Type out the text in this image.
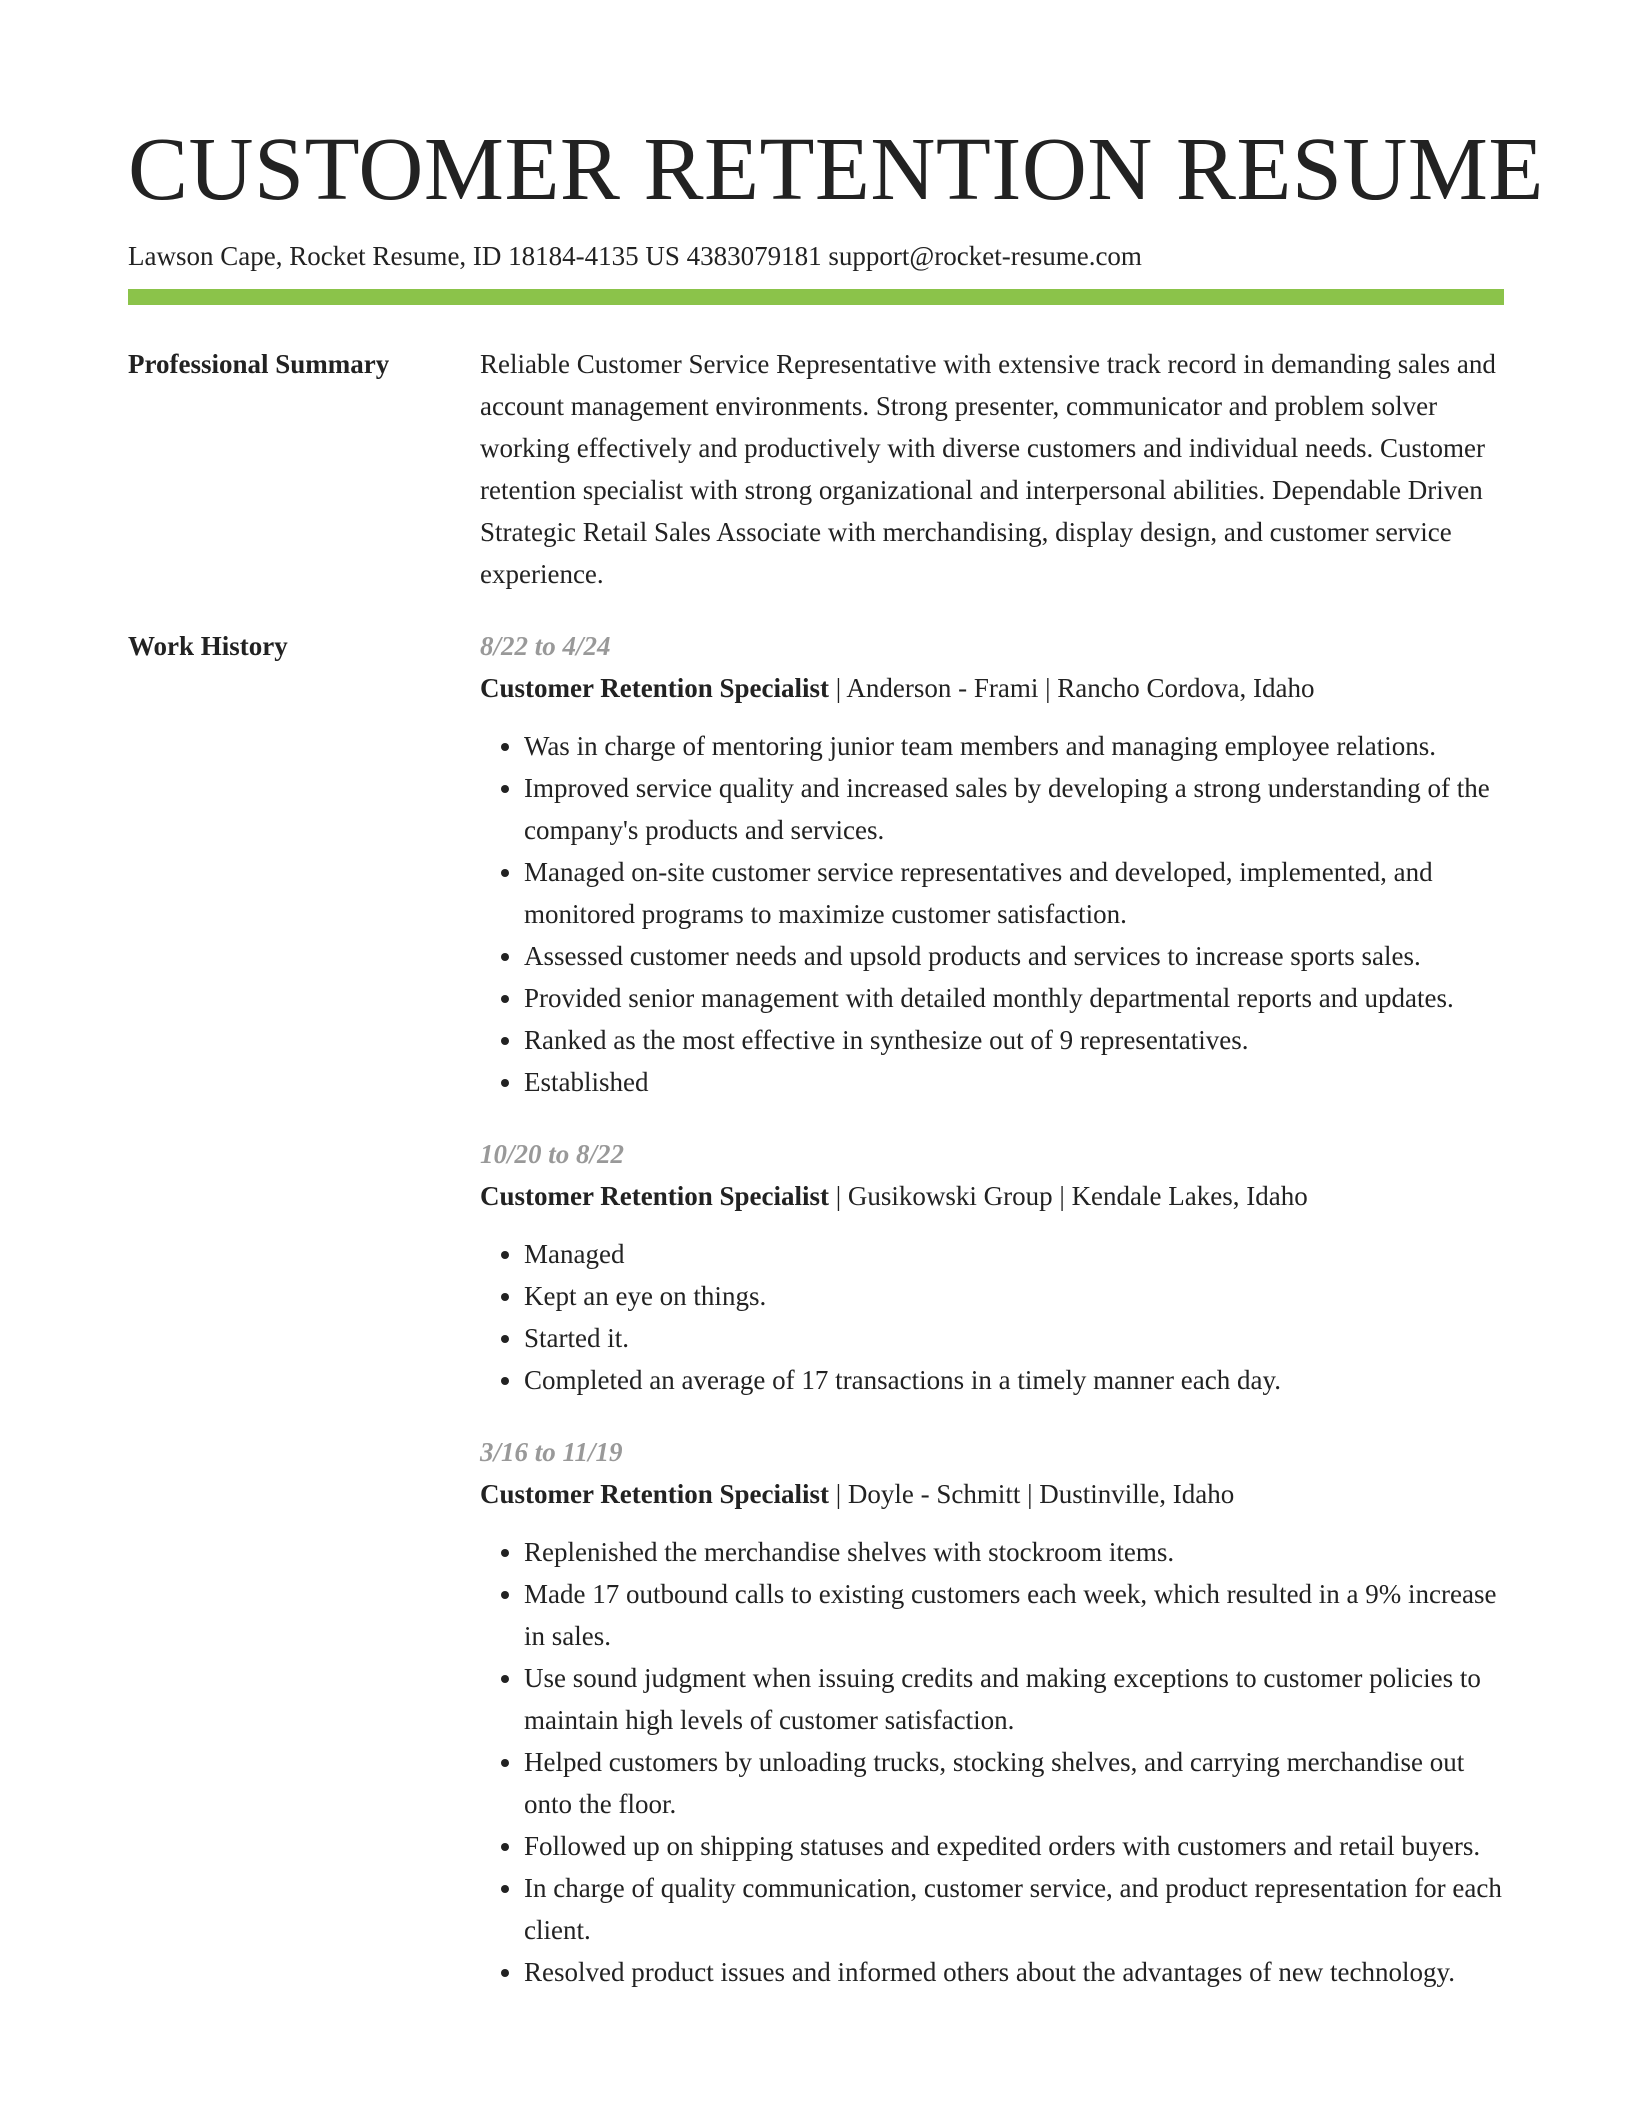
CUSTOMER RETENTION RESUME
Lawson Cape, Rocket Resume, ID 18184-4135 US 4383079181 support@rocket-resume.com
Professional Summary	Reliable Customer Service Representative with extensive track record in demanding sales and account management environments. Strong presenter, communicator and problem solver working effectively and productively with diverse customers and individual needs. Customer retention specialist with strong organizational and interpersonal abilities. Dependable Driven Strategic Retail Sales Associate with merchandising, display design, and customer service experience.

Work History	8/22 to 4/24
Customer Retention Specialist | Anderson - Frami | Rancho Cordova, Idaho
• Was in charge of mentoring junior team members and managing employee relations.
• Improved service quality and increased sales by developing a strong understanding of the company's products and services.
• Managed on-site customer service representatives and developed, implemented, and monitored programs to maximize customer satisfaction.
• Assessed customer needs and upsold products and services to increase sports sales.
• Provided senior management with detailed monthly departmental reports and updates.
• Ranked as the most effective in synthesize out of 9 representatives.
• Established
10/20 to 8/22
Customer Retention Specialist | Gusikowski Group | Kendale Lakes, Idaho
• Managed
• Kept an eye on things.
• Started it.
• Completed an average of 17 transactions in a timely manner each day.
3/16 to 11/19
Customer Retention Specialist | Doyle - Schmitt | Dustinville, Idaho
• Replenished the merchandise shelves with stockroom items.
• Made 17 outbound calls to existing customers each week, which resulted in a 9% increase in sales.
• Use sound judgment when issuing credits and making exceptions to customer policies to maintain high levels of customer satisfaction.
• Helped customers by unloading trucks, stocking shelves, and carrying merchandise out onto the floor.
• Followed up on shipping statuses and expedited orders with customers and retail buyers.
• In charge of quality communication, customer service, and product representation for each client.
• Resolved product issues and informed others about the advantages of new technology.
